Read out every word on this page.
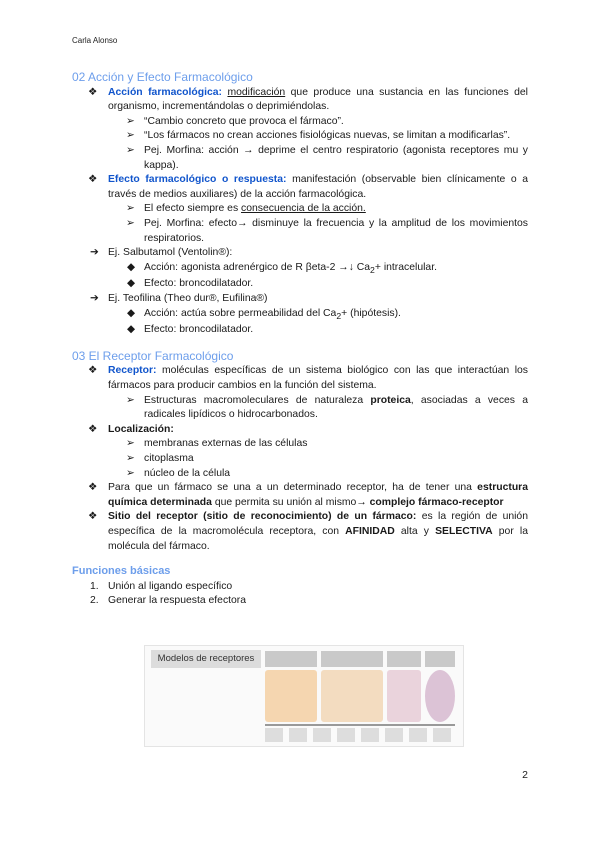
Carla Alonso
02 Acción y Efecto Farmacológico
❖ Acción farmacológica: modificación que produce una sustancia en las funciones del organismo, incrementándolas o deprimiéndolas.
➢ “Cambio concreto que provoca el fármaco”.
➢ “Los fármacos no crean acciones fisiológicas nuevas, se limitan a modificarlas”.
➢ Pej. Morfina: acción → deprime el centro respiratorio (agonista receptores mu y kappa).
❖ Efecto farmacológico o respuesta: manifestación (observable bien clínicamente o a través de medios auxiliares) de la acción farmacológica.
➢ El efecto siempre es consecuencia de la acción.
➢ Pej. Morfina: efecto→ disminuye la frecuencia y la amplitud de los movimientos respiratorios.
➔ Ej. Salbutamol (Ventolin®):
◆ Acción: agonista adrenérgico de R βeta-2 →↓ $Ca_2+$ intracelular.
◆ Efecto: broncodilatador.
➔ Ej. Teofilina (Theo dur®, Eufilina®)
◆ Acción: actúa sobre permeabilidad del $Ca_2+$ (hipótesis).
◆ Efecto: broncodilatador.
03 El Receptor Farmacológico
❖ Receptor: moléculas específicas de un sistema biológico con las que interactúan los fármacos para producir cambios en la función del sistema.
➢ Estructuras macromoleculares de naturaleza proteica, asociadas a veces a radicales lipídicos o hidrocarbonados.
❖ Localización:
➢ membranas externas de las células
➢ citoplasma
➢ núcleo de la célula
❖ Para que un fármaco se una a un determinado receptor, ha de tener una estructura química determinada que permita su unión al mismo→ complejo fármaco-receptor
❖ Sitio del receptor (sitio de reconocimiento) de un fármaco: es la región de unión específica de la macromolécula receptora, con AFINIDAD alta y SELECTIVA por la molécula del fármaco.
Funciones básicas
1. Unión al ligando específico
2. Generar la respuesta efectora
Modelos de receptores
2
